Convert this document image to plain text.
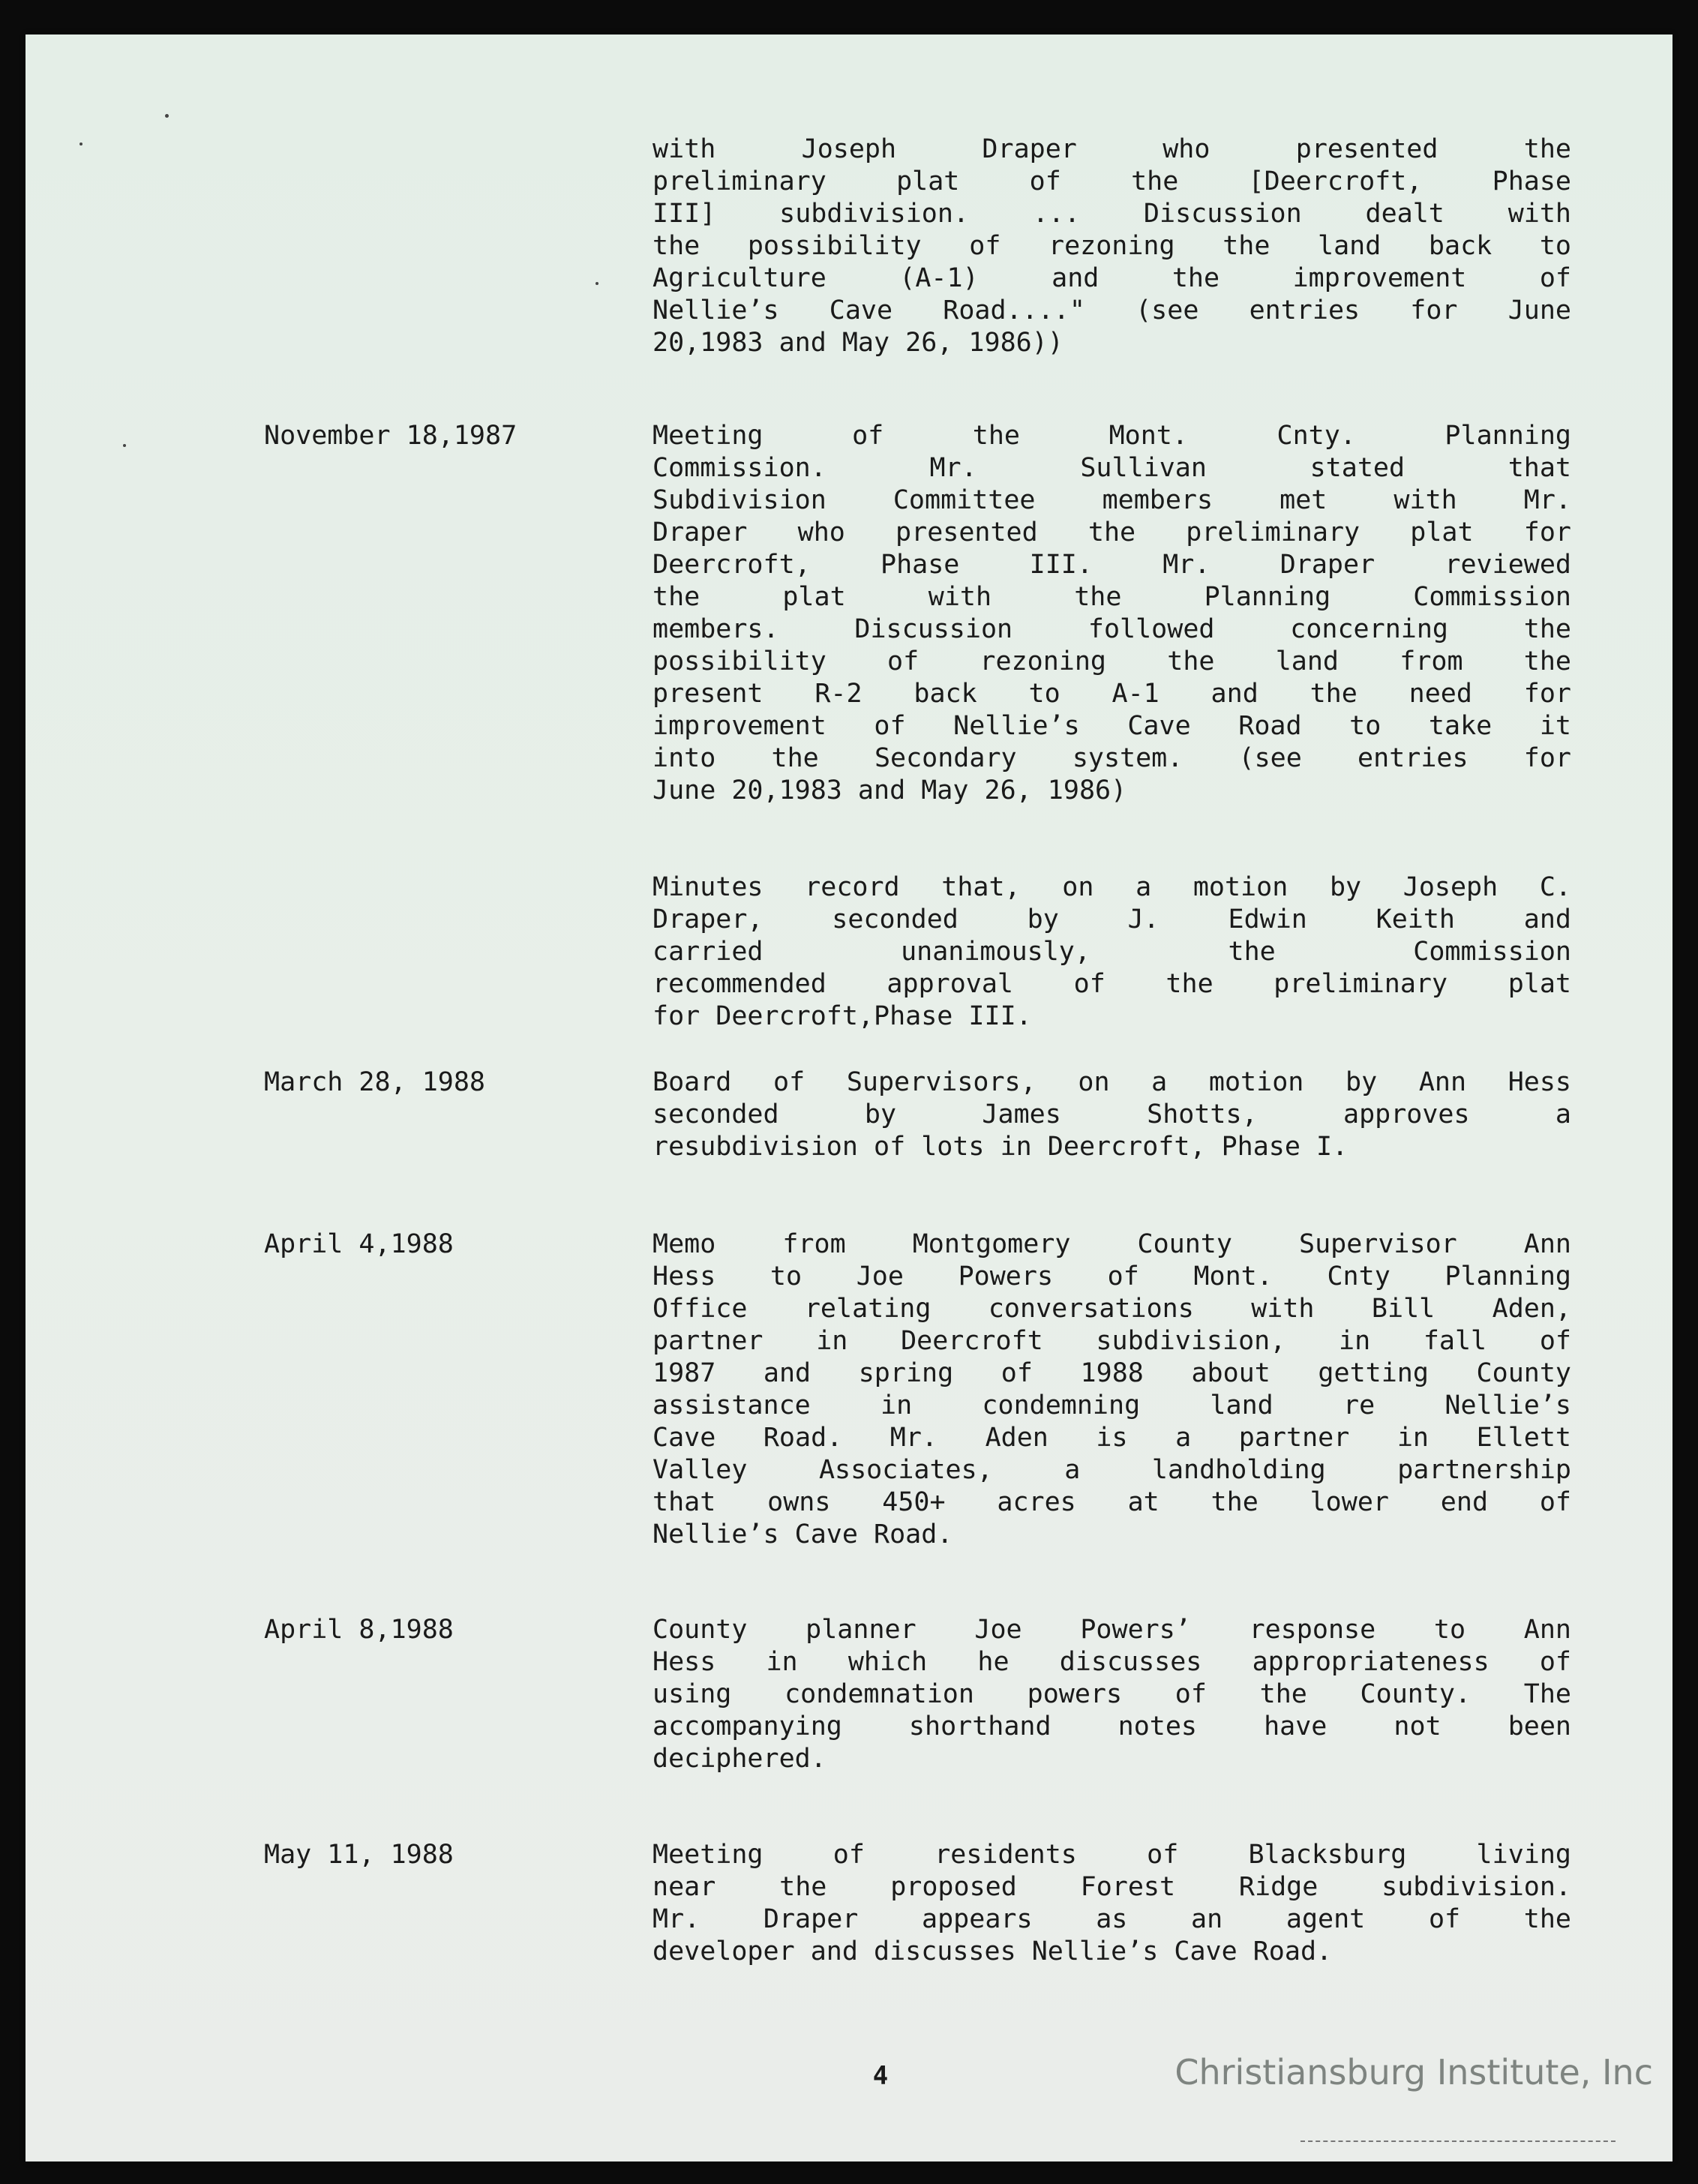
with Joseph Draper who presented the
preliminary plat of the [Deercroft, Phase
III] subdivision. ... Discussion dealt with
the possibility of rezoning the land back to
Agriculture (A-1) and the improvement of
Nellie’s Cave Road...." (see entries for June
20,1983 and May 26, 1986))

November 18,1987	Meeting of the Mont. Cnty. Planning
Commission. Mr. Sullivan stated that
Subdivision Committee members met with Mr.
Draper who presented the preliminary plat for
Deercroft, Phase III. Mr. Draper reviewed
the plat with the Planning Commission
members. Discussion followed concerning the
possibility of rezoning the land from the
present R-2 back to A-1 and the need for
improvement of Nellie’s Cave Road to take it
into the Secondary system. (see entries for
June 20,1983 and May 26, 1986)

Minutes record that, on a motion by Joseph C.
Draper, seconded by J. Edwin Keith and
carried unanimously, the Commission
recommended approval of the preliminary plat
for Deercroft,Phase III.

March 28, 1988	Board of Supervisors, on a motion by Ann Hess
seconded by James Shotts, approves a
resubdivision of lots in Deercroft, Phase I.

April 4,1988	Memo from Montgomery County Supervisor Ann
Hess to Joe Powers of Mont. Cnty Planning
Office relating conversations with Bill Aden,
partner in Deercroft subdivision, in fall of
1987 and spring of 1988 about getting County
assistance in condemning land re Nellie’s
Cave Road. Mr. Aden is a partner in Ellett
Valley Associates, a landholding partnership
that owns 450+ acres at the lower end of
Nellie’s Cave Road.

April 8,1988	County planner Joe Powers’ response to Ann
Hess in which he discusses appropriateness of
using condemnation powers of the County. The
accompanying shorthand notes have not been
deciphered.

May 11, 1988	Meeting of residents of Blacksburg living
near the proposed Forest Ridge subdivision.
Mr. Draper appears as an agent of the
developer and discusses Nellie’s Cave Road.

4	Christiansburg Institute, Inc
